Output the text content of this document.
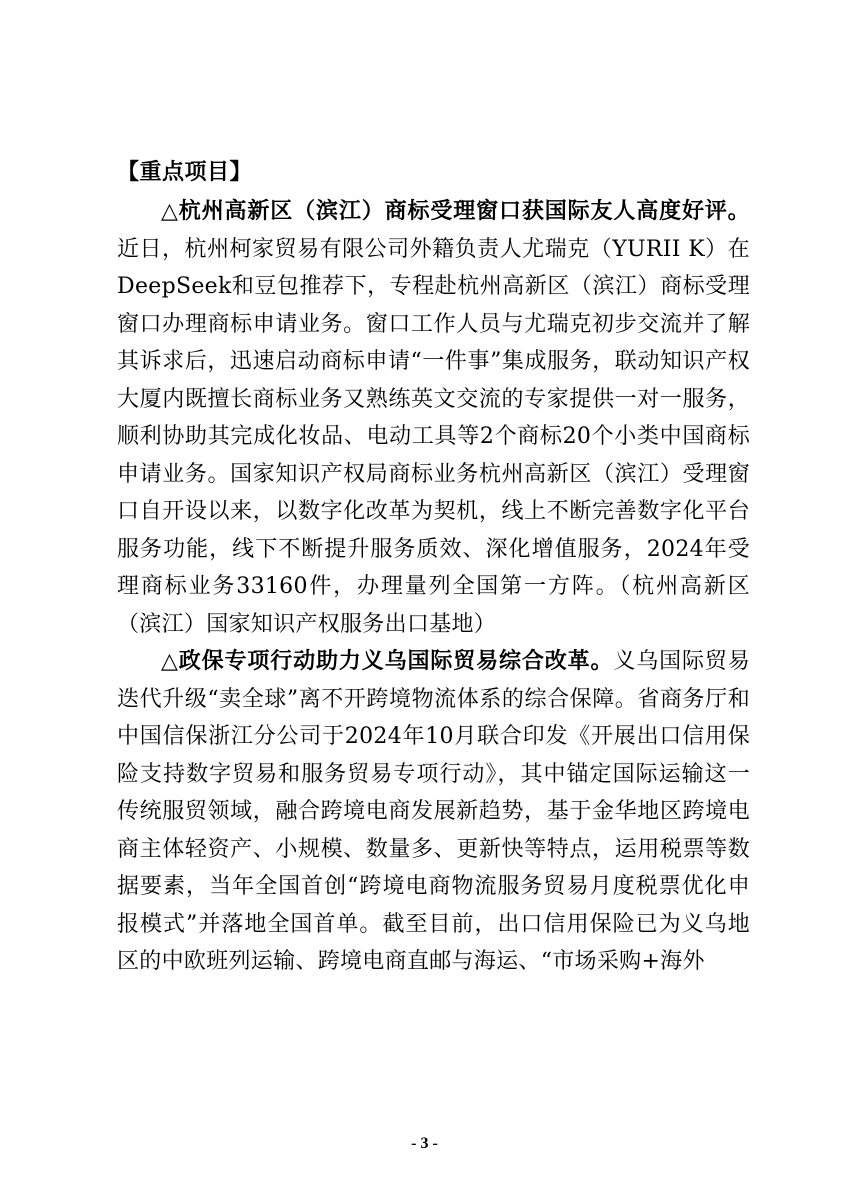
【重点项目】

△杭州高新区（滨江）商标受理窗口获国际友人高度好评。近日，杭州柯家贸易有限公司外籍负责人尤瑞克（YURII K）在DeepSeek和豆包推荐下，专程赴杭州高新区（滨江）商标受理窗口办理商标申请业务。窗口工作人员与尤瑞克初步交流并了解其诉求后，迅速启动商标申请“一件事”集成服务，联动知识产权大厦内既擅长商标业务又熟练英文交流的专家提供一对一服务，顺利协助其完成化妆品、电动工具等2个商标20个小类中国商标申请业务。国家知识产权局商标业务杭州高新区（滨江）受理窗口自开设以来，以数字化改革为契机，线上不断完善数字化平台服务功能，线下不断提升服务质效、深化增值服务，2024年受理商标业务33160件，办理量列全国第一方阵。（杭州高新区（滨江）国家知识产权服务出口基地）

△政保专项行动助力义乌国际贸易综合改革。义乌国际贸易迭代升级“卖全球”离不开跨境物流体系的综合保障。省商务厅和中国信保浙江分公司于2024年10月联合印发《开展出口信用保险支持数字贸易和服务贸易专项行动》，其中锚定国际运输这一传统服贸领域，融合跨境电商发展新趋势，基于金华地区跨境电商主体轻资产、小规模、数量多、更新快等特点，运用税票等数据要素，当年全国首创“跨境电商物流服务贸易月度税票优化申报模式”并落地全国首单。截至目前，出口信用保险已为义乌地区的中欧班列运输、跨境电商直邮与海运、“市场采购+海外

- 3 -
